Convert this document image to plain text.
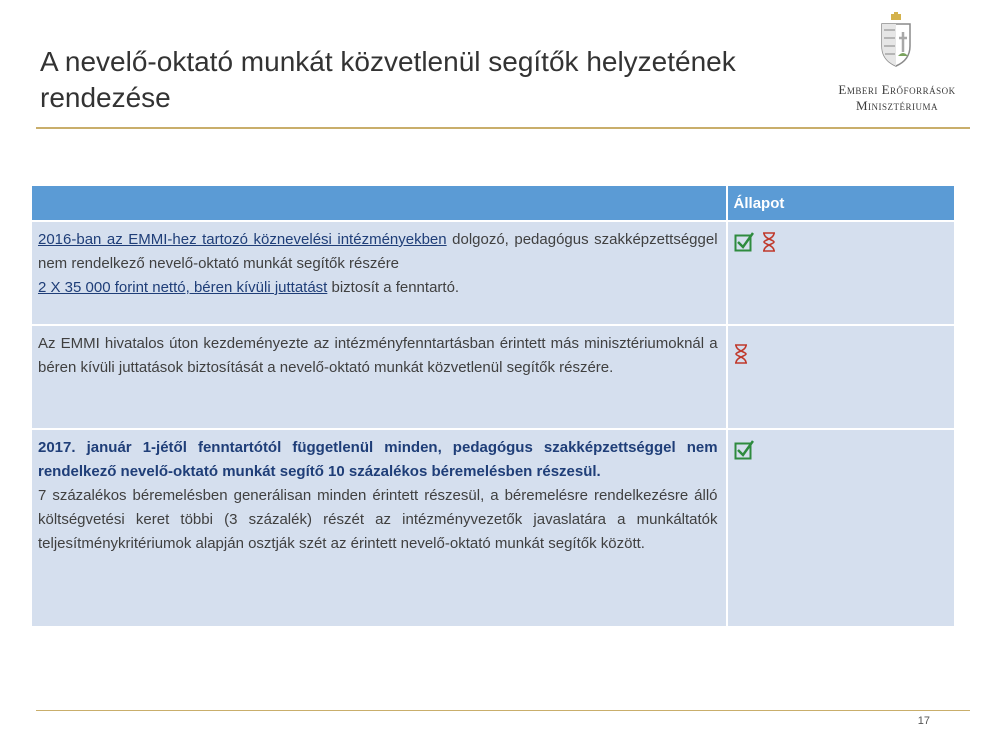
A nevelő-oktató munkát közvetlenül segítők helyzetének
rendezése	Emberi Erőforrások
Minisztériuma
	Állapot
2016-ban az EMMI-hez tartozó köznevelési intézményekben dolgozó, pedagógus szakképzettséggel nem rendelkező nevelő-oktató munkát segítők részére
2 X 35 000 forint nettó, béren kívüli juttatást biztosít a fenntartó.	
Az EMMI hivatalos úton kezdeményezte az intézményfenntartásban érintett más minisztériumoknál a béren kívüli juttatások biztosítását a nevelő-oktató munkát közvetlenül segítők részére.	

2017. január 1-jétől fenntartótól függetlenül minden, pedagógus szakképzettséggel nem rendelkező nevelő-oktató munkát segítő 10 százalékos béremelésben részesül.
7 százalékos béremelésben generálisan minden érintett részesül, a béremelésre rendelkezésre álló költségvetési keret többi (3 százalék) részét az intézményvezetők javaslatára a munkáltatók teljesítménykritériumok alapján osztják szét az érintett nevelő-oktató munkát segítők között.

17
